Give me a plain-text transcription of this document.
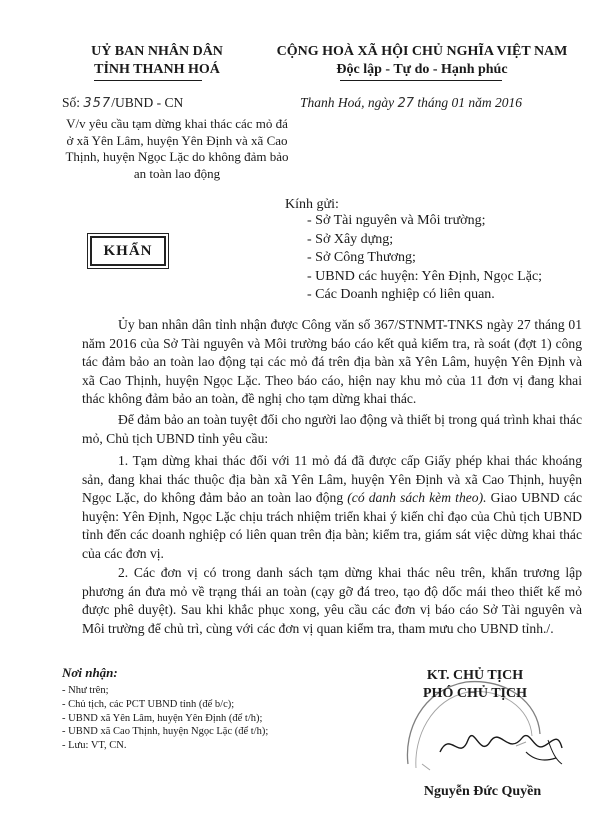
UỶ BAN NHÂN DÂN
TỈNH THANH HOÁ
CỘNG HOÀ XÃ HỘI CHỦ NGHĨA VIỆT NAM
Độc lập - Tự do - Hạnh phúc
Số: 357/UBND - CN	Thanh Hoá, ngày 27 tháng 01 năm 2016
V/v yêu cầu tạm dừng khai thác các mỏ đá ở xã Yên Lâm, huyện Yên Định và xã Cao Thịnh, huyện Ngọc Lặc do không đảm bảo an toàn lao động
Kính gửi:
KHẨN
- Sở Tài nguyên và Môi trường;
- Sở Xây dựng;
- Sở Công Thương;
- UBND các huyện: Yên Định, Ngọc Lặc;
- Các Doanh nghiệp có liên quan.

Ủy ban nhân dân tỉnh nhận được Công văn số 367/STNMT-TNKS ngày 27 tháng 01 năm 2016 của Sở Tài nguyên và Môi trường báo cáo kết quả kiểm tra, rà soát (đợt 1) công tác đảm bảo an toàn lao động tại các mỏ đá trên địa bàn xã Yên Lâm, huyện Yên Định và xã Cao Thịnh, huyện Ngọc Lặc. Theo báo cáo, hiện nay khu mỏ của 11 đơn vị đang khai thác không đảm bảo an toàn, đề nghị cho tạm dừng khai thác.

Để đảm bảo an toàn tuyệt đối cho người lao động và thiết bị trong quá trình khai thác mỏ, Chủ tịch UBND tỉnh yêu cầu:

1. Tạm dừng khai thác đối với 11 mỏ đá đã được cấp Giấy phép khai thác khoáng sản, đang khai thác thuộc địa bàn xã Yên Lâm, huyện Yên Định và xã Cao Thịnh, huyện Ngọc Lặc, do không đảm bảo an toàn lao động (có danh sách kèm theo). Giao UBND các huyện: Yên Định, Ngọc Lặc chịu trách nhiệm triển khai ý kiến chỉ đạo của Chủ tịch UBND tỉnh đến các doanh nghiệp có liên quan trên địa bàn; kiểm tra, giám sát việc dừng khai thác của các đơn vị.

2. Các đơn vị có trong danh sách tạm dừng khai thác nêu trên, khẩn trương lập phương án đưa mỏ về trạng thái an toàn (cạy gỡ đá treo, tạo độ dốc mái theo thiết kế mỏ được phê duyệt). Sau khi khắc phục xong, yêu cầu các đơn vị báo cáo Sở Tài nguyên và Môi trường để chủ trì, cùng với các đơn vị quan kiểm tra, tham mưu cho UBND tỉnh./.

Nơi nhận:
- Như trên;
- Chủ tịch, các PCT UBND tỉnh (để b/c);
- UBND xã Yên Lâm, huyện Yên Định (để t/h);
- UBND xã Cao Thịnh, huyện Ngọc Lặc (để t/h);
- Lưu: VT, CN.
KT. CHỦ TỊCH
PHÓ CHỦ TỊCH
Nguyễn Đức Quyền
